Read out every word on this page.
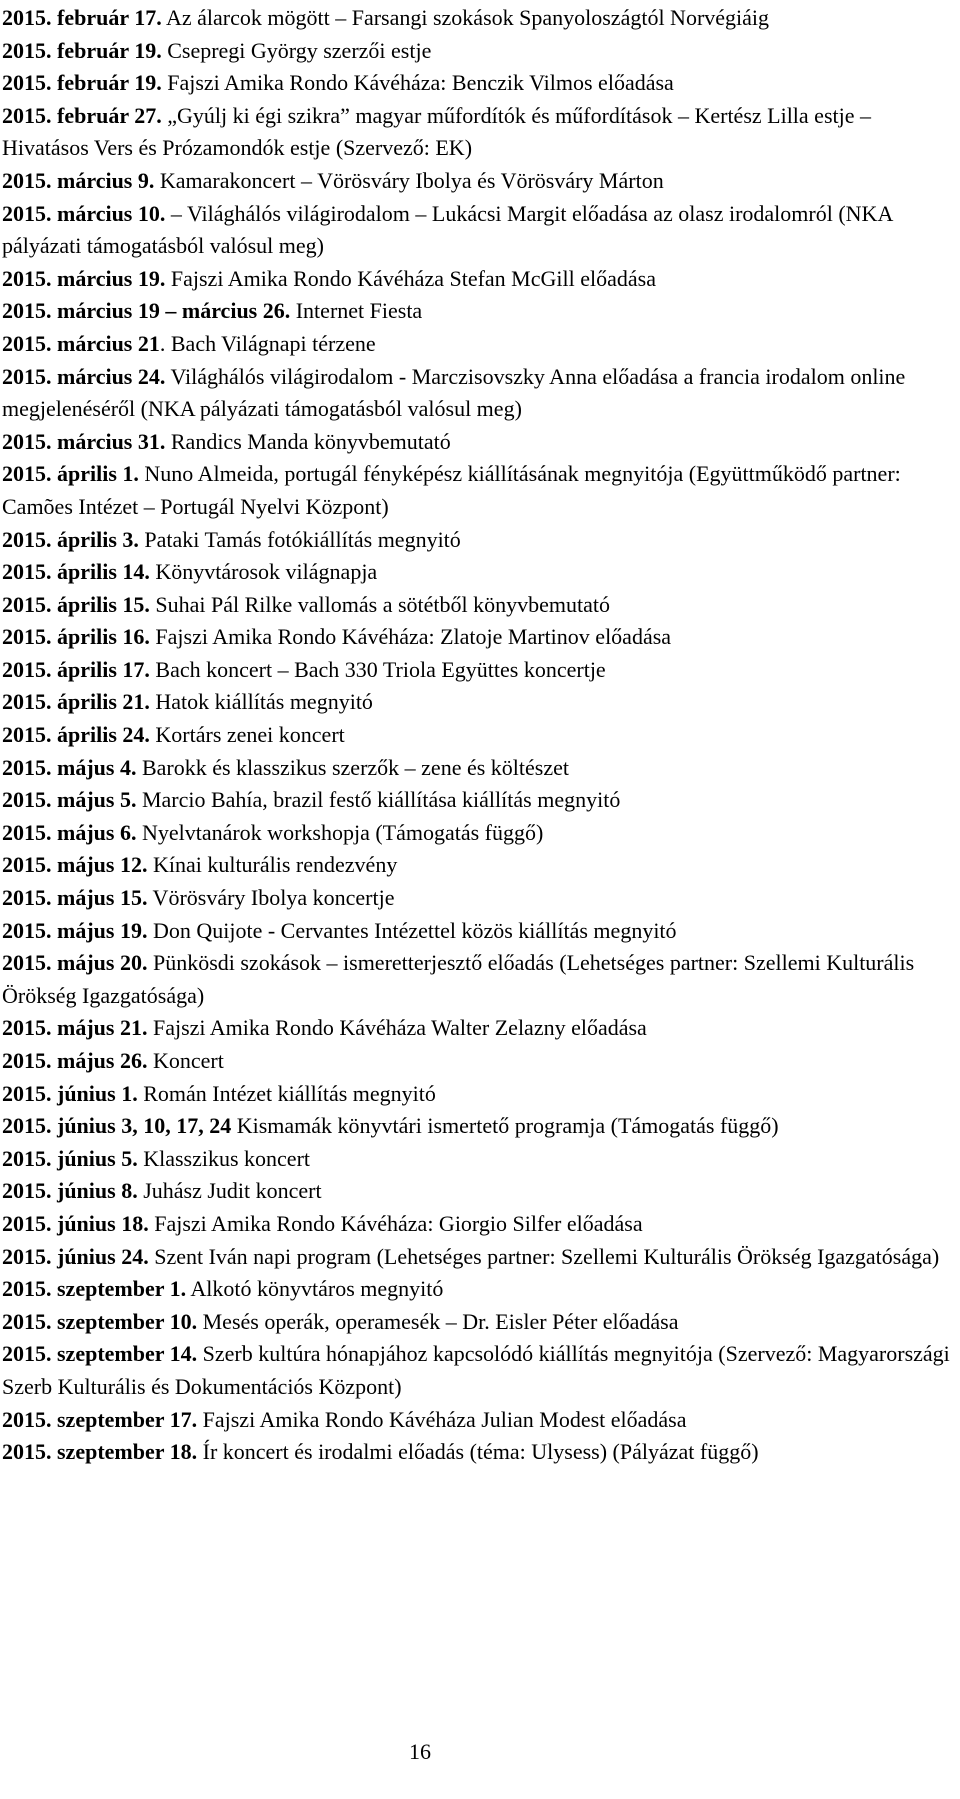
2015. február 17. Az álarcok mögött – Farsangi szokások Spanyoloszágtól Norvégiáig

2015. február 19. Csepregi György szerzői estje

2015. február 19. Fajszi Amika Rondo Kávéháza: Benczik Vilmos előadása

2015. február 27. „Gyúlj ki égi szikra” magyar műfordítók és műfordítások – Kertész Lilla estje – Hivatásos Vers és Prózamondók estje (Szervező: EK)

2015. március 9. Kamarakoncert – Vörösváry Ibolya és Vörösváry Márton

2015. március 10. – Világhálós világirodalom – Lukácsi Margit előadása az olasz irodalomról (NKA pályázati támogatásból valósul meg)

2015. március 19. Fajszi Amika Rondo Kávéháza Stefan McGill előadása

2015. március 19 – március 26. Internet Fiesta

2015. március 21. Bach Világnapi térzene

2015. március 24. Világhálós világirodalom - Marczisovszky Anna előadása a francia irodalom online megjelenéséről (NKA pályázati támogatásból valósul meg)

2015. március 31. Randics Manda könyvbemutató

2015. április 1. Nuno Almeida, portugál fényképész kiállításának megnyitója (Együttműködő partner: Camões Intézet – Portugál Nyelvi Központ)

2015. április 3. Pataki Tamás fotókiállítás megnyitó

2015. április 14. Könyvtárosok világnapja

2015. április 15. Suhai Pál Rilke vallomás a sötétből könyvbemutató

2015. április 16. Fajszi Amika Rondo Kávéháza: Zlatoje Martinov előadása

2015. április 17. Bach koncert – Bach 330 Triola Együttes koncertje

2015. április 21. Hatok kiállítás megnyitó

2015. április 24. Kortárs zenei koncert

2015. május 4. Barokk és klasszikus szerzők – zene és költészet

2015. május 5. Marcio Bahía, brazil festő kiállítása kiállítás megnyitó

2015. május 6. Nyelvtanárok workshopja (Támogatás függő)

2015. május 12. Kínai kulturális rendezvény

2015. május 15. Vörösváry Ibolya koncertje

2015. május 19. Don Quijote - Cervantes Intézettel közös kiállítás megnyitó

2015. május 20. Pünkösdi szokások – ismeretterjesztő előadás (Lehetséges partner: Szellemi Kulturális Örökség Igazgatósága)

2015. május 21. Fajszi Amika Rondo Kávéháza Walter Zelazny előadása

2015. május 26. Koncert

2015. június 1. Román Intézet kiállítás megnyitó

2015. június 3, 10, 17, 24 Kismamák könyvtári ismertető programja (Támogatás függő)

2015. június 5. Klasszikus koncert

2015. június 8. Juhász Judit koncert

2015. június 18. Fajszi Amika Rondo Kávéháza: Giorgio Silfer előadása

2015. június 24. Szent Iván napi program (Lehetséges partner: Szellemi Kulturális Örökség Igazgatósága)

2015. szeptember 1. Alkotó könyvtáros megnyitó

2015. szeptember 10. Mesés operák, operamesék – Dr. Eisler Péter előadása

2015. szeptember 14. Szerb kultúra hónapjához kapcsolódó kiállítás megnyitója (Szervező: Magyarországi Szerb Kulturális és Dokumentációs Központ)

2015. szeptember 17. Fajszi Amika Rondo Kávéháza Julian Modest előadása

2015. szeptember 18. Ír koncert és irodalmi előadás (téma: Ulysess) (Pályázat függő)

16
